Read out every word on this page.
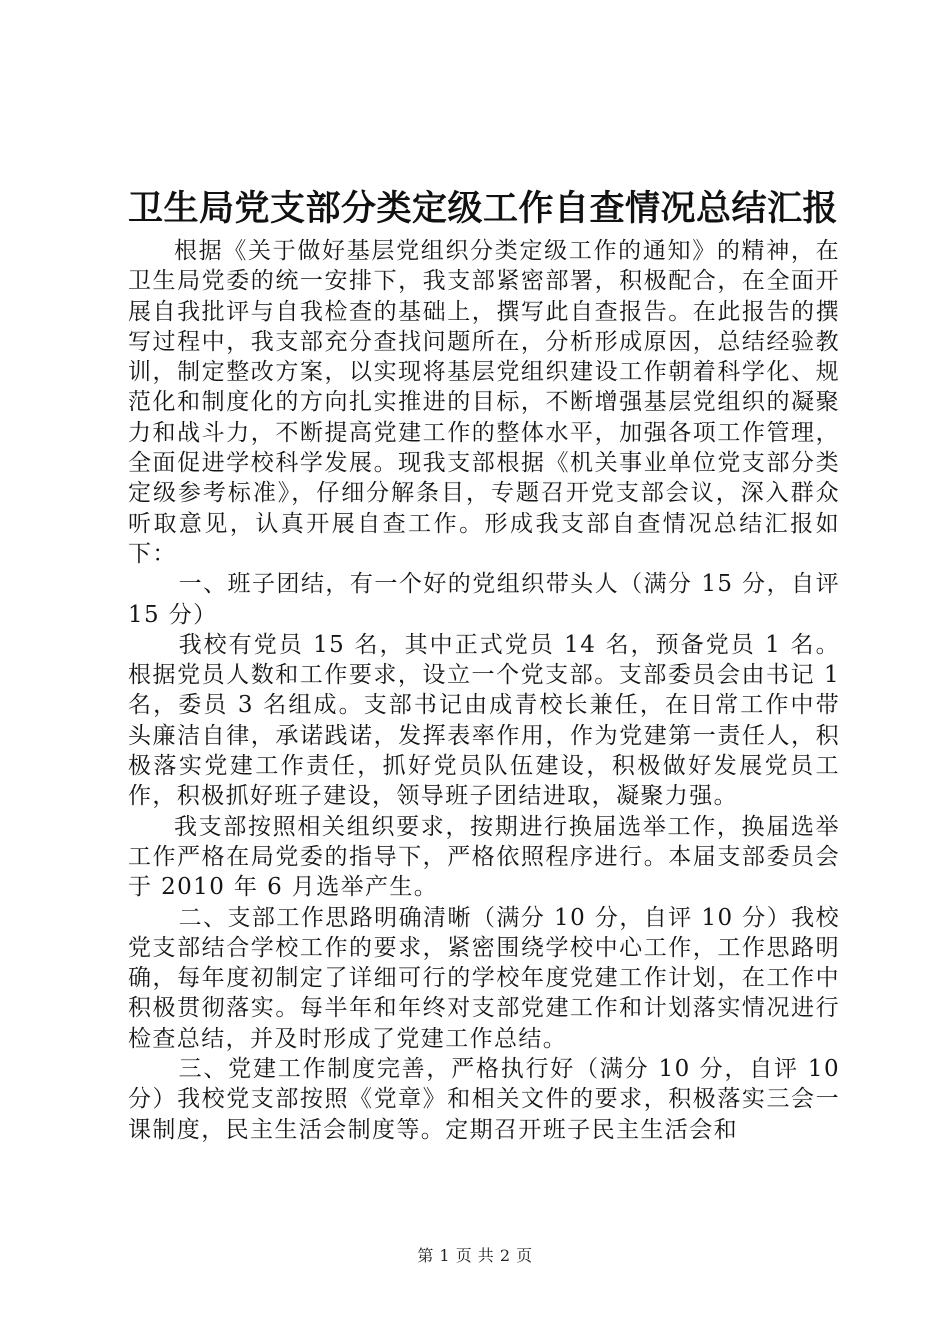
卫生局党支部分类定级工作自查情况总结汇报

根据《关于做好基层党组织分类定级工作的通知》的精神，在卫生局党委的统一安排下，我支部紧密部署，积极配合，在全面开展自我批评与自我检查的基础上，撰写此自查报告。在此报告的撰写过程中，我支部充分查找问题所在，分析形成原因，总结经验教训，制定整改方案，以实现将基层党组织建设工作朝着科学化、规范化和制度化的方向扎实推进的目标，不断增强基层党组织的凝聚力和战斗力，不断提高党建工作的整体水平，加强各项工作管理，全面促进学校科学发展。现我支部根据《机关事业单位党支部分类定级参考标准》，仔细分解条目，专题召开党支部会议，深入群众听取意见，认真开展自查工作。形成我支部自查情况总结汇报如下：

一、班子团结，有一个好的党组织带头人（满分 15 分，自评 15 分）

我校有党员 15 名，其中正式党员 14 名，预备党员 1 名。根据党员人数和工作要求，设立一个党支部。支部委员会由书记 1 名，委员 3 名组成。支部书记由成青校长兼任，在日常工作中带头廉洁自律，承诺践诺，发挥表率作用，作为党建第一责任人，积极落实党建工作责任，抓好党员队伍建设，积极做好发展党员工作，积极抓好班子建设，领导班子团结进取，凝聚力强。

我支部按照相关组织要求，按期进行换届选举工作，换届选举工作严格在局党委的指导下，严格依照程序进行。本届支部委员会于 2010 年 6 月选举产生。

二、支部工作思路明确清晰（满分 10 分，自评 10 分）我校党支部结合学校工作的要求，紧密围绕学校中心工作，工作思路明确，每年度初制定了详细可行的学校年度党建工作计划，在工作中积极贯彻落实。每半年和年终对支部党建工作和计划落实情况进行检查总结，并及时形成了党建工作总结。

三、党建工作制度完善，严格执行好（满分 10 分，自评 10 分）我校党支部按照《党章》和相关文件的要求，积极落实三会一课制度，民主生活会制度等。定期召开班子民主生活会和

第 1 页 共 2 页
